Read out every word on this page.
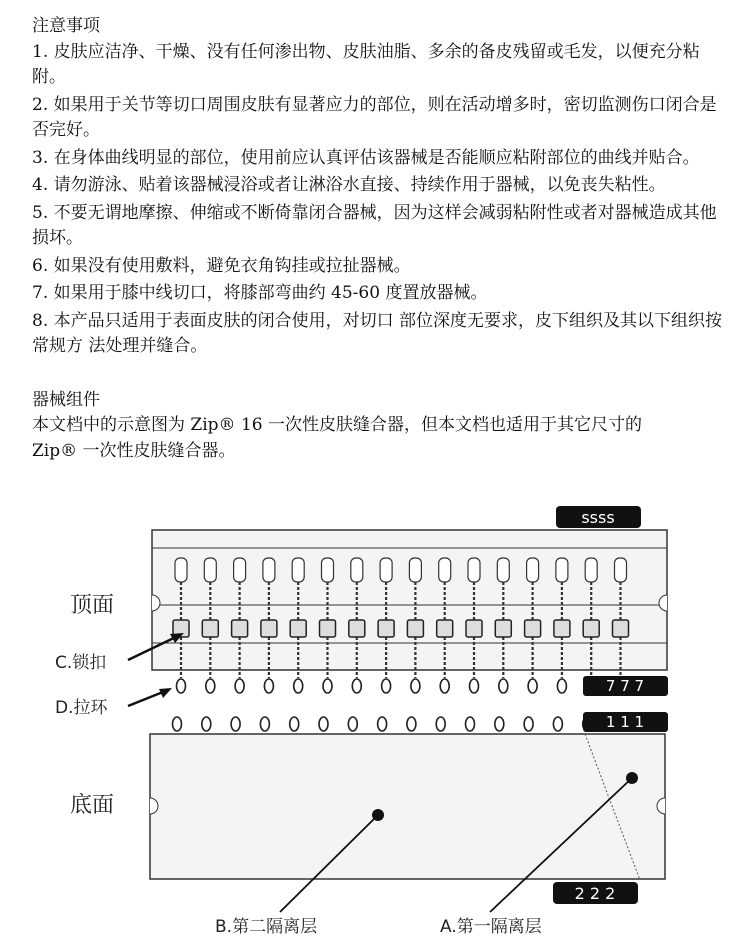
注意事项

1. 皮肤应洁净、干燥、没有任何渗出物、皮肤油脂、多余的备皮残留或毛发，以便充分粘附。

2. 如果用于关节等切口周围皮肤有显著应力的部位，则在活动增多时，密切监测伤口闭合是否完好。

3. 在身体曲线明显的部位，使用前应认真评估该器械是否能顺应粘附部位的曲线并贴合。

4. 请勿游泳、贴着该器械浸浴或者让淋浴水直接、持续作用于器械，以免丧失粘性。

5. 不要无谓地摩擦、伸缩或不断倚靠闭合器械，因为这样会减弱粘附性或者对器械造成其他损坏。

6. 如果没有使用敷料，避免衣角钩挂或拉扯器械。

7. 如果用于膝中线切口，将膝部弯曲约 45-60 度置放器械。

8. 本产品只适用于表面皮肤的闭合使用，对切口 部位深度无要求，皮下组织及其以下组织按常规方 法处理并缝合。

器械组件

本文档中的示意图为 Zip® 16 一次性皮肤缝合器，但本文档也适用于其它尺寸的

Zip® 一次性皮肤缝合器。

ssss
7 7 7
1 1 1
2 2 2
顶面
C.锁扣
D.拉环
底面
B.第二隔离层	A.第一隔离层
